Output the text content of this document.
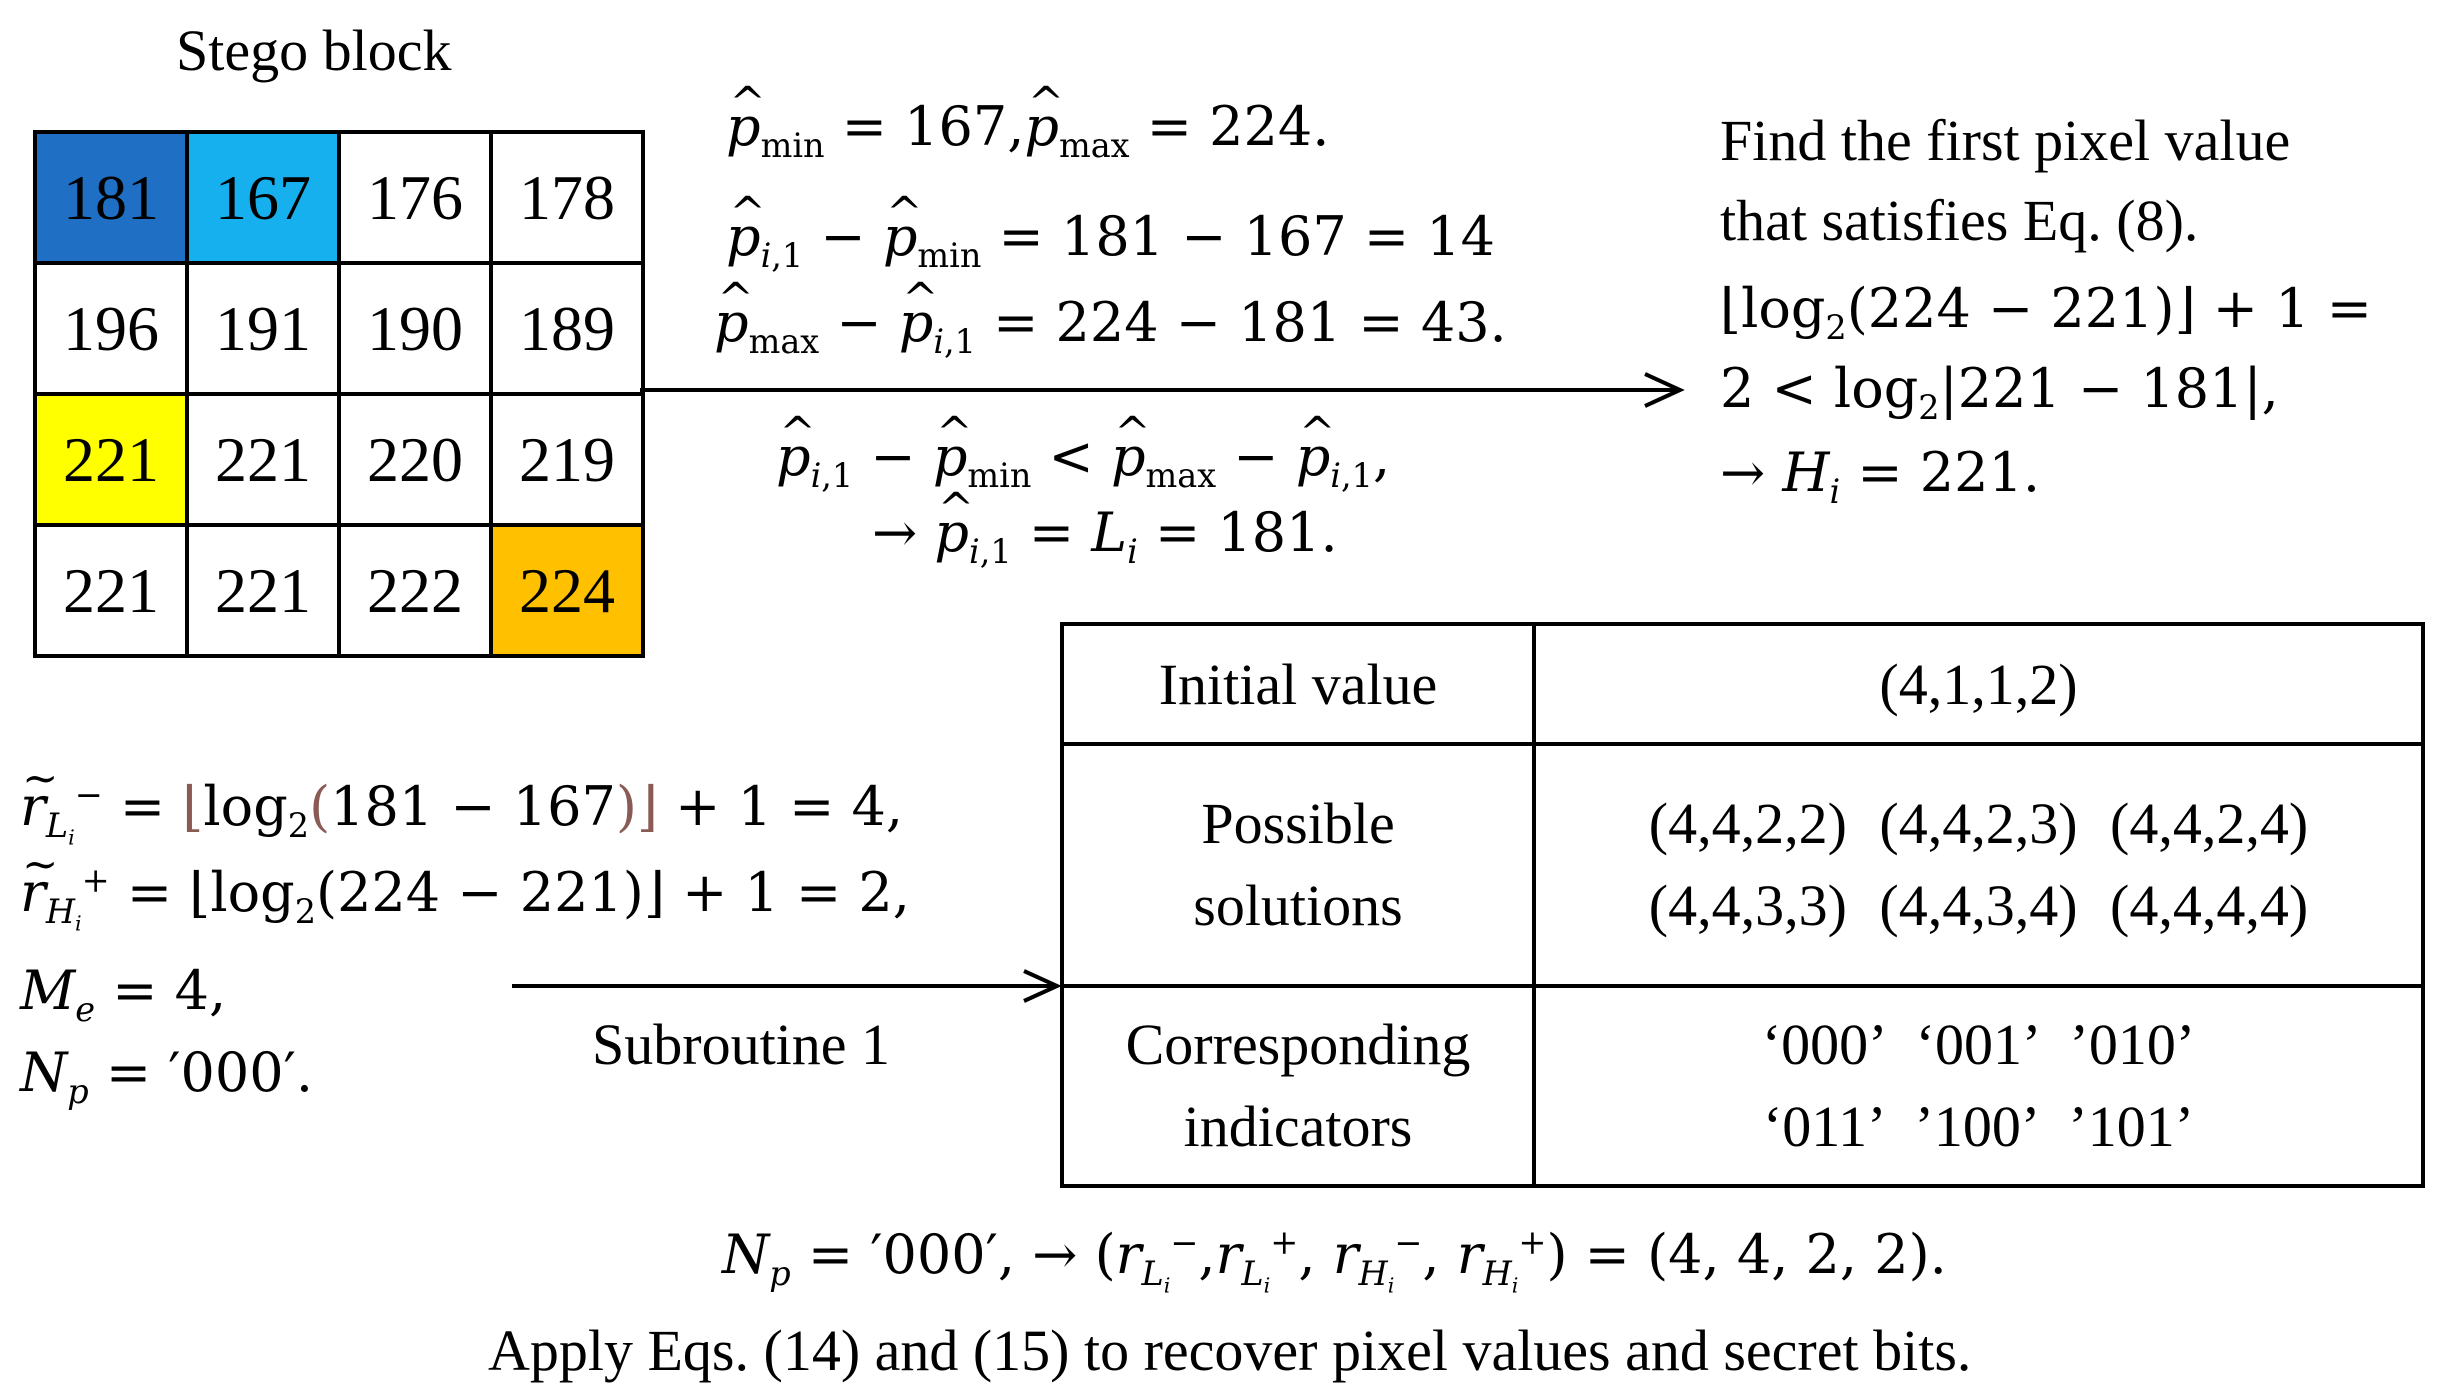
Stego block
181 167 176 178
196 191 190 189
221 221 220 219
221 221 222 224
^ $p_{min}$ = 167,^ $p_{max} = 224$.
^ $p_{i,1}$ − ^ $p_{min} = 181 - 167 = 14$
^ $p_{max}$ − ^ $p_{i,1} = 224 - 181 = 43$.
^ $p_{i,1}$ − ^ $p_{min}$ < ^ $p_{max}$ − ^ $p_{i,1}$,
→ ^ $p_{i,1} = L_i = 181$.
Find the first pixel value
that satisfies Eq. (8).
$⌊\log_2(224$ − 221)⌋ + 1 =
$2 < \log_2|221 - 181|$,
→ $H_i = 221$.
~ $r_{L_i}^-$ = $⌊\log_2(181$ − 167)⌋ + 1 = 4,
~ $r_{H_i}^+$ = $⌊\log_2(224$ − 221)⌋ + 1 = 2,
$M_e = 4$,
$N_p = '000'$.	Subroutine 1
Initial value	(4,1,1,2)

Possible
solutions	(4,4,2,2) (4,4,2,3) (4,4,2,4)
(4,4,3,3) (4,4,3,4) (4,4,4,4)

Corresponding
indicators	‘000’ ‘001’ ’010’
‘011’ ’100’ ’101’
$N_p = '000'$, → ($r_{L_i}^-,r_{L_i}^+$, $r_{H_i}^-$, $r_{H_i}^+) = (4$, 4, 2, 2).
Apply Eqs. (14) and (15) to recover pixel values and secret bits.
